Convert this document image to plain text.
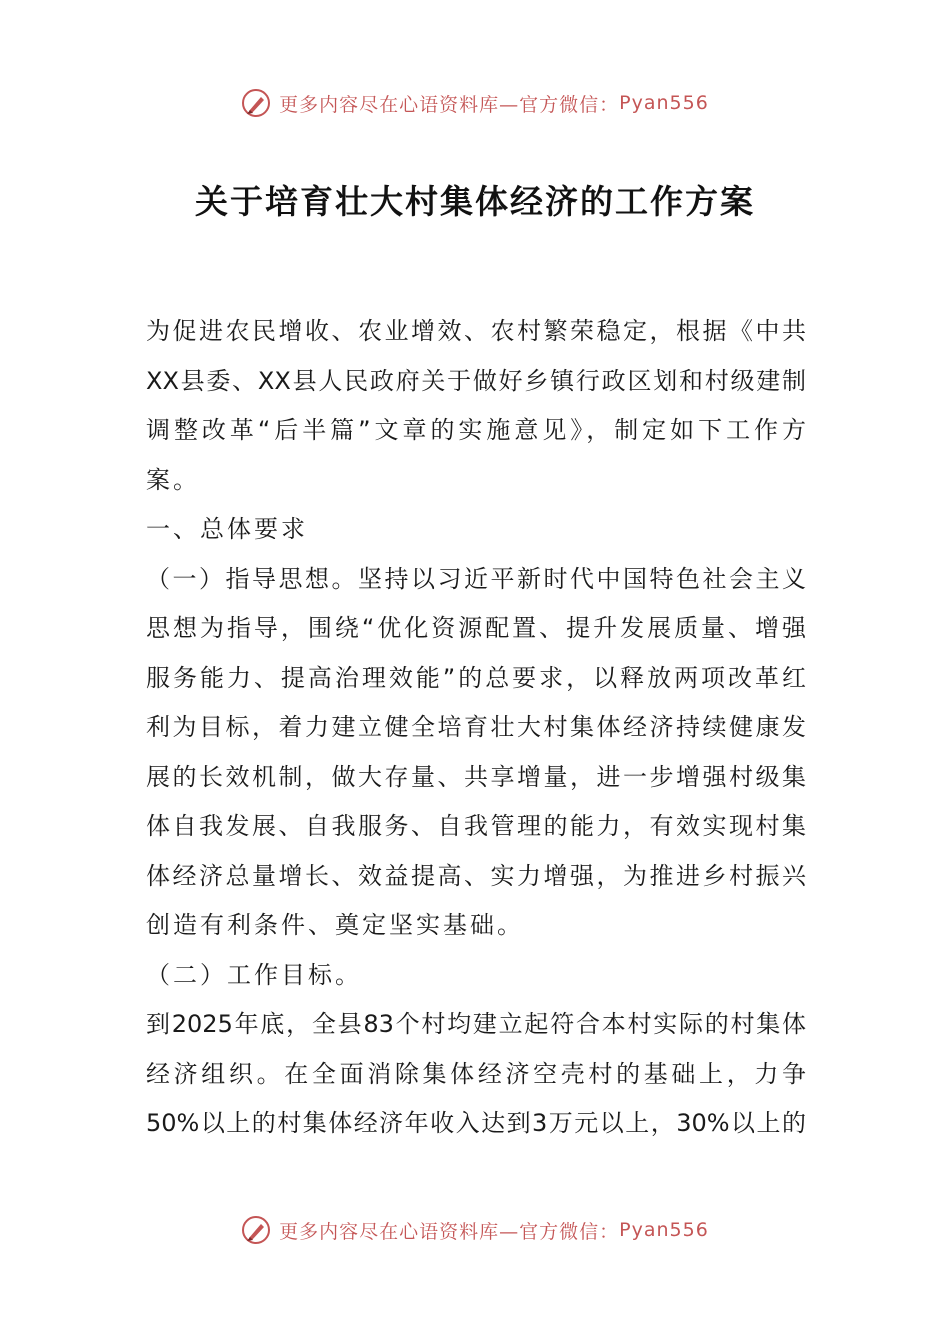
更多内容尽在心语资料库—官方微信： Pyan556
关于培育壮大村集体经济的工作方案
为促进农民增收、农业增效、农村繁荣稳定，根据《中共
XX县委、XX县人民政府关于做好乡镇行政区划和村级建制
调整改革“后半篇”文章的实施意见》，制定如下工作方
案。
一、总体要求
（一）指导思想。坚持以习近平新时代中国特色社会主义
思想为指导，围绕“优化资源配置、提升发展质量、增强
服务能力、提高治理效能”的总要求，以释放两项改革红
利为目标，着力建立健全培育壮大村集体经济持续健康发
展的长效机制，做大存量、共享增量，进一步增强村级集
体自我发展、自我服务、自我管理的能力，有效实现村集
体经济总量增长、效益提高、实力增强，为推进乡村振兴
创造有利条件、奠定坚实基础。
（二）工作目标。
到2025年底，全县83个村均建立起符合本村实际的村集体
经济组织。在全面消除集体经济空壳村的基础上，力争
50%以上的村集体经济年收入达到3万元以上，30%以上的
更多内容尽在心语资料库—官方微信： Pyan556
